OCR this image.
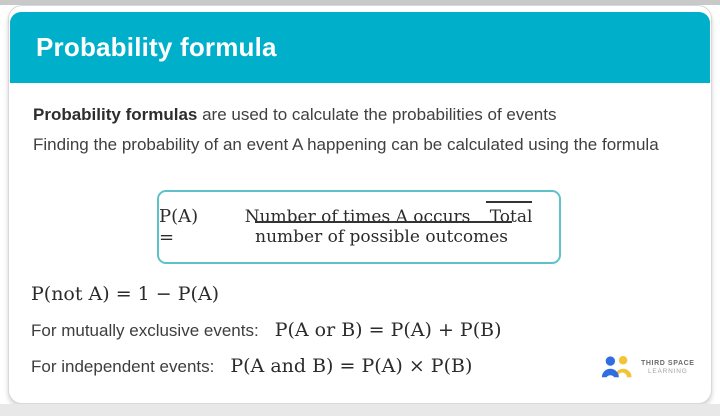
Probability formula
Probability formulas are used to calculate the probabilities of events
Finding the probability of an event A happening can be calculated using the formula
P(A) =
Number of times A occurs Total number of possible outcomes
P(not A) = 1 − P(A)
For mutually exclusive events: P(A or B) = P(A) + P(B)
For independent events: P(A and B) = P(A) × P(B)	THIRD SPACE
LEARNING
